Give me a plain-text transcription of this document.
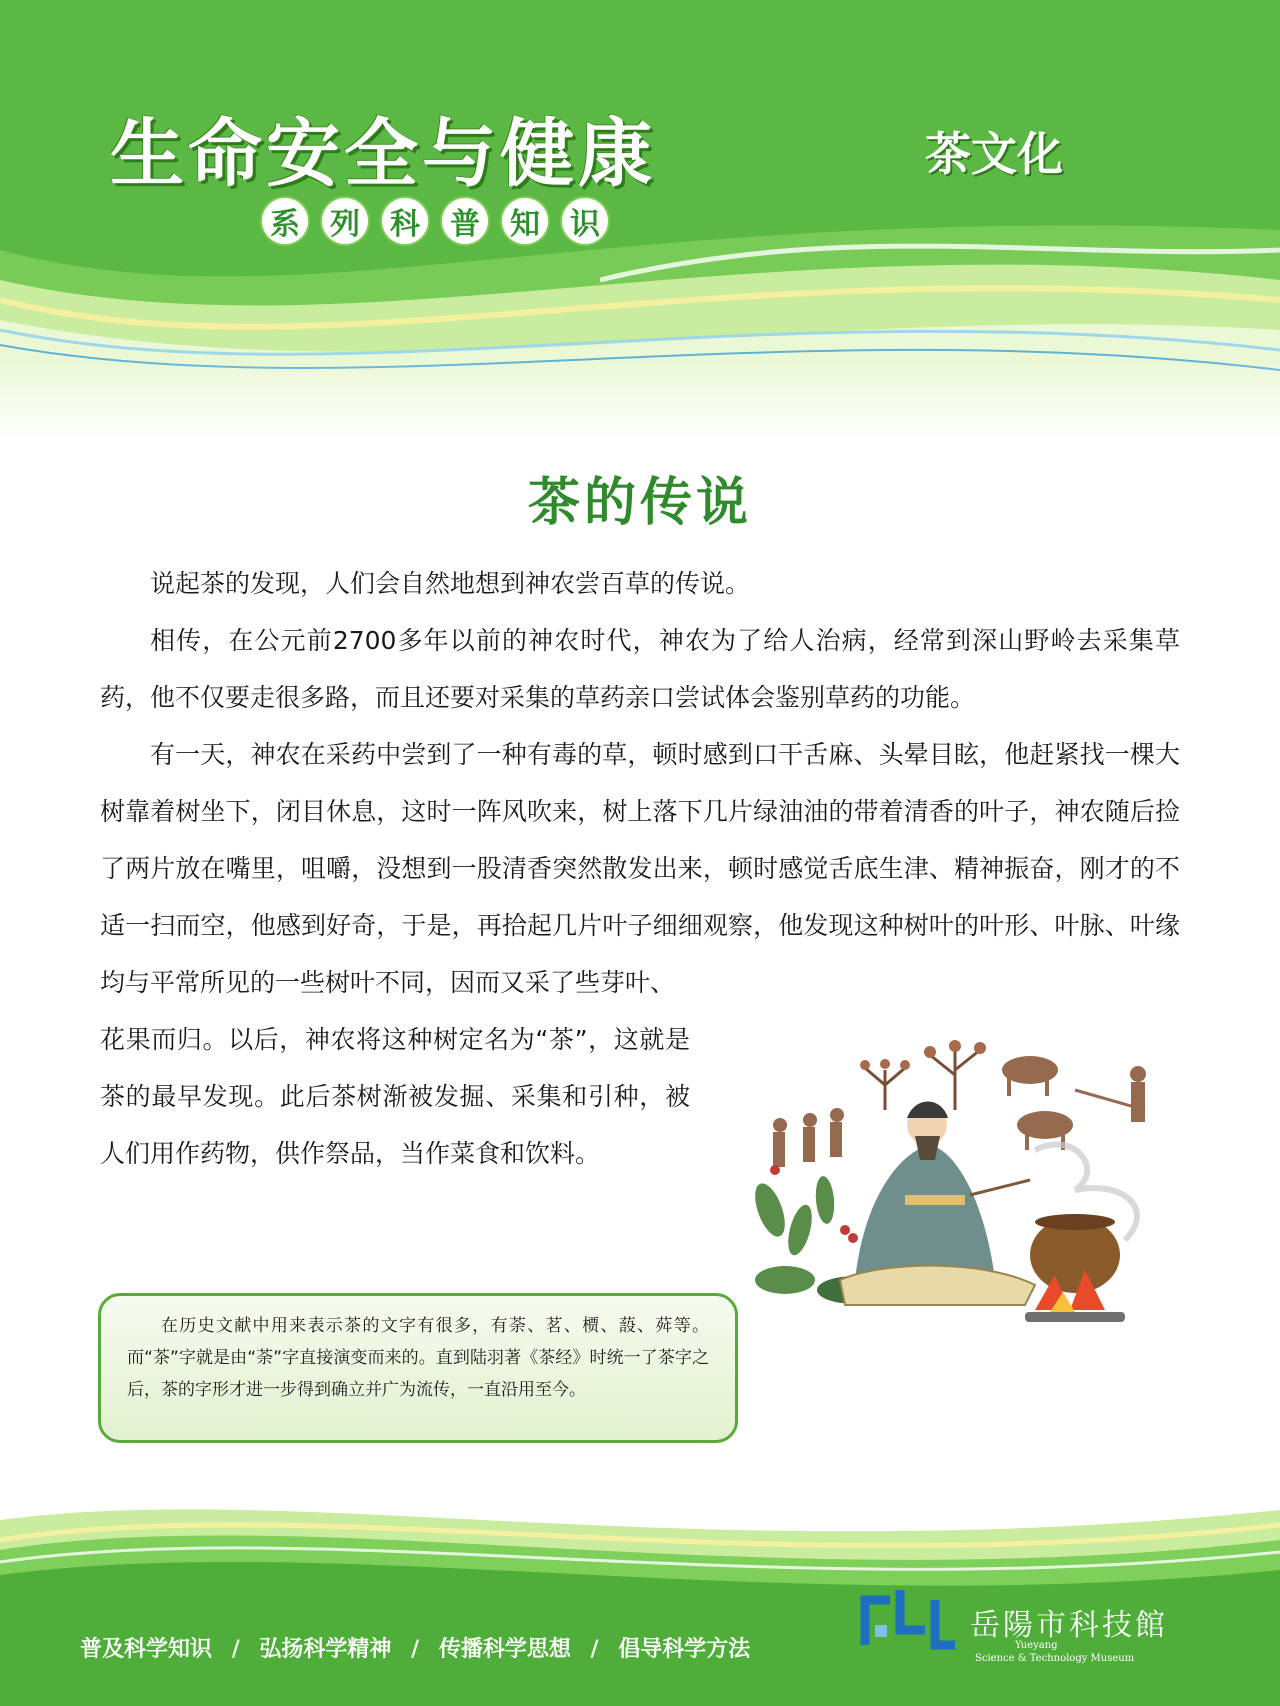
生命安全与健康	茶文化
系 列 科 普 知 识
茶的传说
说起茶的发现，人们会自然地想到神农尝百草的传说。
相传，在公元前2700多年以前的神农时代，神农为了给人治病，经常到深山野岭去采集草药，他不仅要走很多路，而且还要对采集的草药亲口尝试体会鉴别草药的功能。
有一天，神农在采药中尝到了一种有毒的草，顿时感到口干舌麻、头晕目眩，他赶紧找一棵大树靠着树坐下，闭目休息，这时一阵风吹来，树上落下几片绿油油的带着清香的叶子，神农随后捡了两片放在嘴里，咀嚼，没想到一股清香突然散发出来，顿时感觉舌底生津、精神振奋，刚才的不适一扫而空，他感到好奇，于是，再拾起几片叶子细细观察，他发现这种树叶的叶形、叶脉、叶缘均与平常所见的一些树叶不同，因而又采了些芽叶、
花果而归。以后，神农将这种树定名为“茶”，这就是茶的最早发现。此后茶树渐被发掘、采集和引种，被人们用作药物，供作祭品，当作菜食和饮料。
在历史文献中用来表示茶的文字有很多，有荼、茗、槚、蔎、荈等。而“茶”字就是由“荼”字直接演变而来的。直到陆羽著《茶经》时统一了茶字之后，茶的字形才进一步得到确立并广为流传，一直沿用至今。
普及科学知识 / 弘扬科学精神 / 传播科学思想 / 倡导科学方法
岳陽市科技館
Yueyang
Science & Technology Museum
